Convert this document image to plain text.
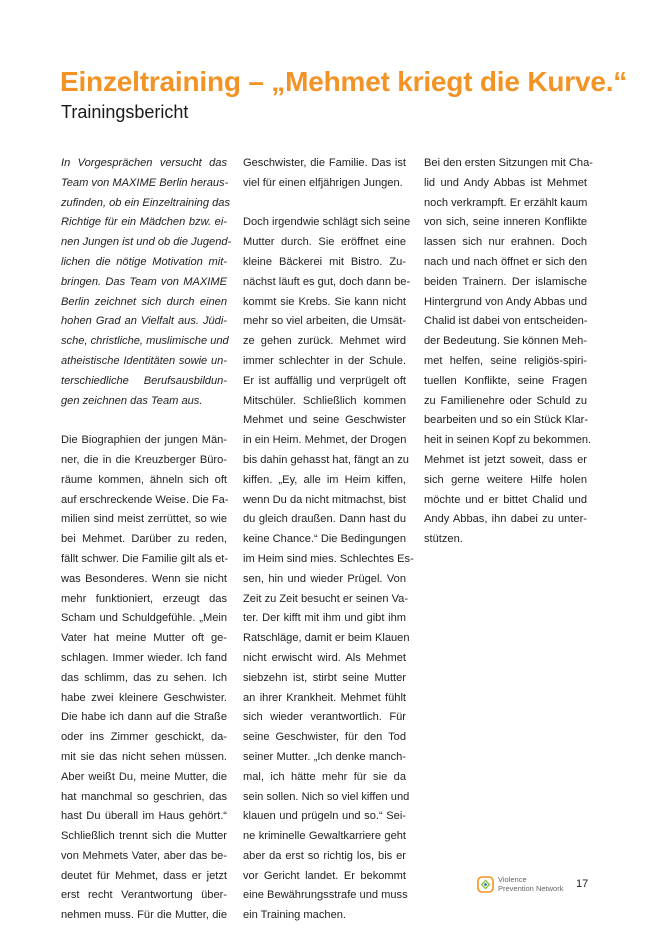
Einzeltraining – „Mehmet kriegt die Kurve.“
Trainingsbericht
In Vorgesprächen versucht das
Team von MAXIME Berlin heraus-
zufinden, ob ein Einzeltraining das
Richtige für ein Mädchen bzw. ei-
nen Jungen ist und ob die Jugend-
lichen die nötige Motivation mit-
bringen. Das Team von MAXIME
Berlin zeichnet sich durch einen
hohen Grad an Vielfalt aus. Jüdi-
sche, christliche, muslimische und
atheistische Identitäten sowie un-
terschiedliche Berufsausbildun-
gen zeichnen das Team aus.
Die Biographien der jungen Män-
ner, die in die Kreuzberger Büro-
räume kommen, ähneln sich oft
auf erschreckende Weise. Die Fa-
milien sind meist zerrüttet, so wie
bei Mehmet. Darüber zu reden,
fällt schwer. Die Familie gilt als et-
was Besonderes. Wenn sie nicht
mehr funktioniert, erzeugt das
Scham und Schuldgefühle. „Mein
Vater hat meine Mutter oft ge-
schlagen. Immer wieder. Ich fand
das schlimm, das zu sehen. Ich
habe zwei kleinere Geschwister.
Die habe ich dann auf die Straße
oder ins Zimmer geschickt, da-
mit sie das nicht sehen müssen.
Aber weißt Du, meine Mutter, die
hat manchmal so geschrien, das
hast Du überall im Haus gehört.“
Schließlich trennt sich die Mutter
von Mehmets Vater, aber das be-
deutet für Mehmet, dass er jetzt
erst recht Verantwortung über-
nehmen muss. Für die Mutter, die
Geschwister, die Familie. Das ist
viel für einen elfjährigen Jungen.
Doch irgendwie schlägt sich seine
Mutter durch. Sie eröffnet eine
kleine Bäckerei mit Bistro. Zu-
nächst läuft es gut, doch dann be-
kommt sie Krebs. Sie kann nicht
mehr so viel arbeiten, die Umsät-
ze gehen zurück. Mehmet wird
immer schlechter in der Schule.
Er ist auffällig und verprügelt oft
Mitschüler. Schließlich kommen
Mehmet und seine Geschwister
in ein Heim. Mehmet, der Drogen
bis dahin gehasst hat, fängt an zu
kiffen. „Ey, alle im Heim kiffen,
wenn Du da nicht mitmachst, bist
du gleich draußen. Dann hast du
keine Chance.“ Die Bedingungen
im Heim sind mies. Schlechtes Es-
sen, hin und wieder Prügel. Von
Zeit zu Zeit besucht er seinen Va-
ter. Der kifft mit ihm und gibt ihm
Ratschläge, damit er beim Klauen
nicht erwischt wird. Als Mehmet
siebzehn ist, stirbt seine Mutter
an ihrer Krankheit. Mehmet fühlt
sich wieder verantwortlich. Für
seine Geschwister, für den Tod
seiner Mutter. „Ich denke manch-
mal, ich hätte mehr für sie da
sein sollen. Nich so viel kiffen und
klauen und prügeln und so.“ Sei-
ne kriminelle Gewaltkarriere geht
aber da erst so richtig los, bis er
vor Gericht landet. Er bekommt
eine Bewährungsstrafe und muss
ein Training machen.
Bei den ersten Sitzungen mit Cha-
lid und Andy Abbas ist Mehmet
noch verkrampft. Er erzählt kaum
von sich, seine inneren Konflikte
lassen sich nur erahnen. Doch
nach und nach öffnet er sich den
beiden Trainern. Der islamische
Hintergrund von Andy Abbas und
Chalid ist dabei von entscheiden-
der Bedeutung. Sie können Meh-
met helfen, seine religiös-spiri-
tuellen Konflikte, seine Fragen
zu Familienehre oder Schuld zu
bearbeiten und so ein Stück Klar-
heit in seinen Kopf zu bekommen.
Mehmet ist jetzt soweit, dass er
sich gerne weitere Hilfe holen
möchte und er bittet Chalid und
Andy Abbas, ihn dabei zu unter-
stützen.
Violence
Prevention Network 17
